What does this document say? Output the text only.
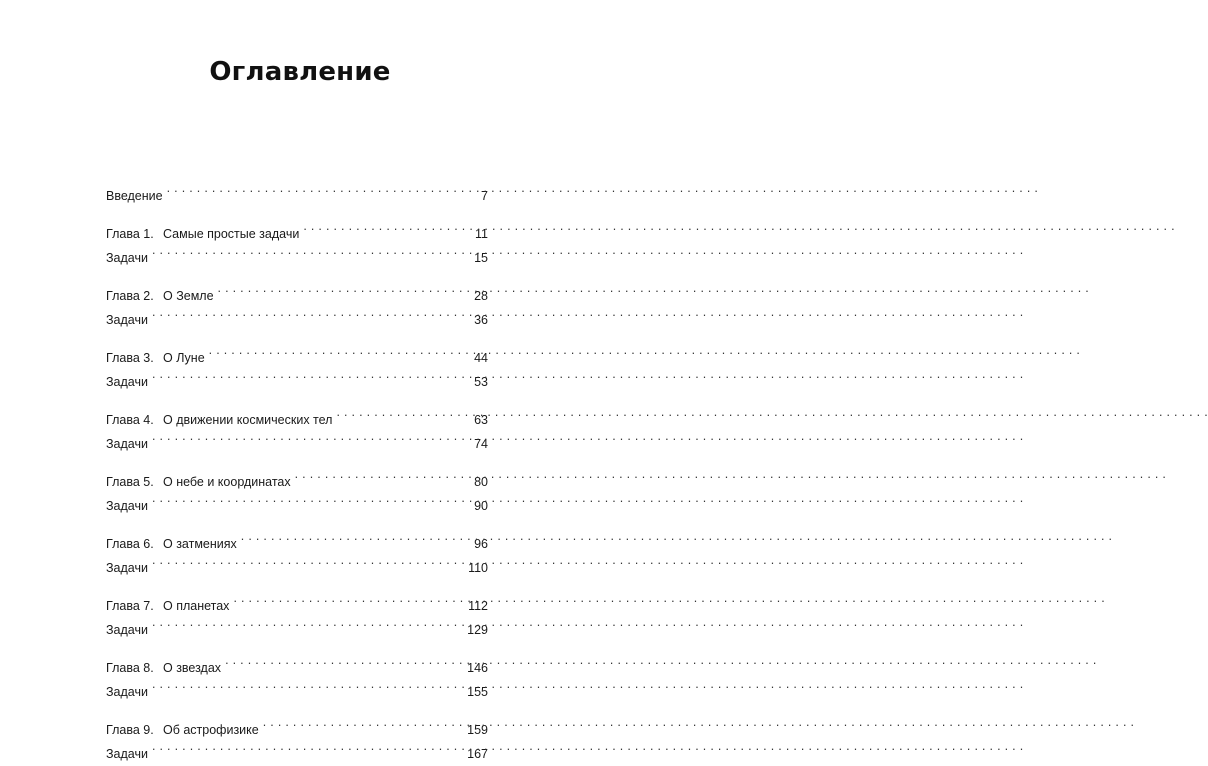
Оглавление
Введение . . .	7
Глава 1. Самые простые задачи . . .	11
Задачи . . .	15
Глава 2. О Земле . . .	28
Задачи . . .	36
Глава 3. О Луне . . .	44
Задачи . . .	53
Глава 4. О движении космических тел . . .	63
Задачи . . .	74
Глава 5. О небе и координатах . . .	80
Задачи . . .	90
Глава 6. О затмениях . . .	96
Задачи . . .	110
Глава 7. О планетах . . .	112
Задачи . . .	129
Глава 8. О звездах . . .	146
Задачи . . .	155
Глава 9. Об астрофизике . . .	159
Задачи . . .	167
